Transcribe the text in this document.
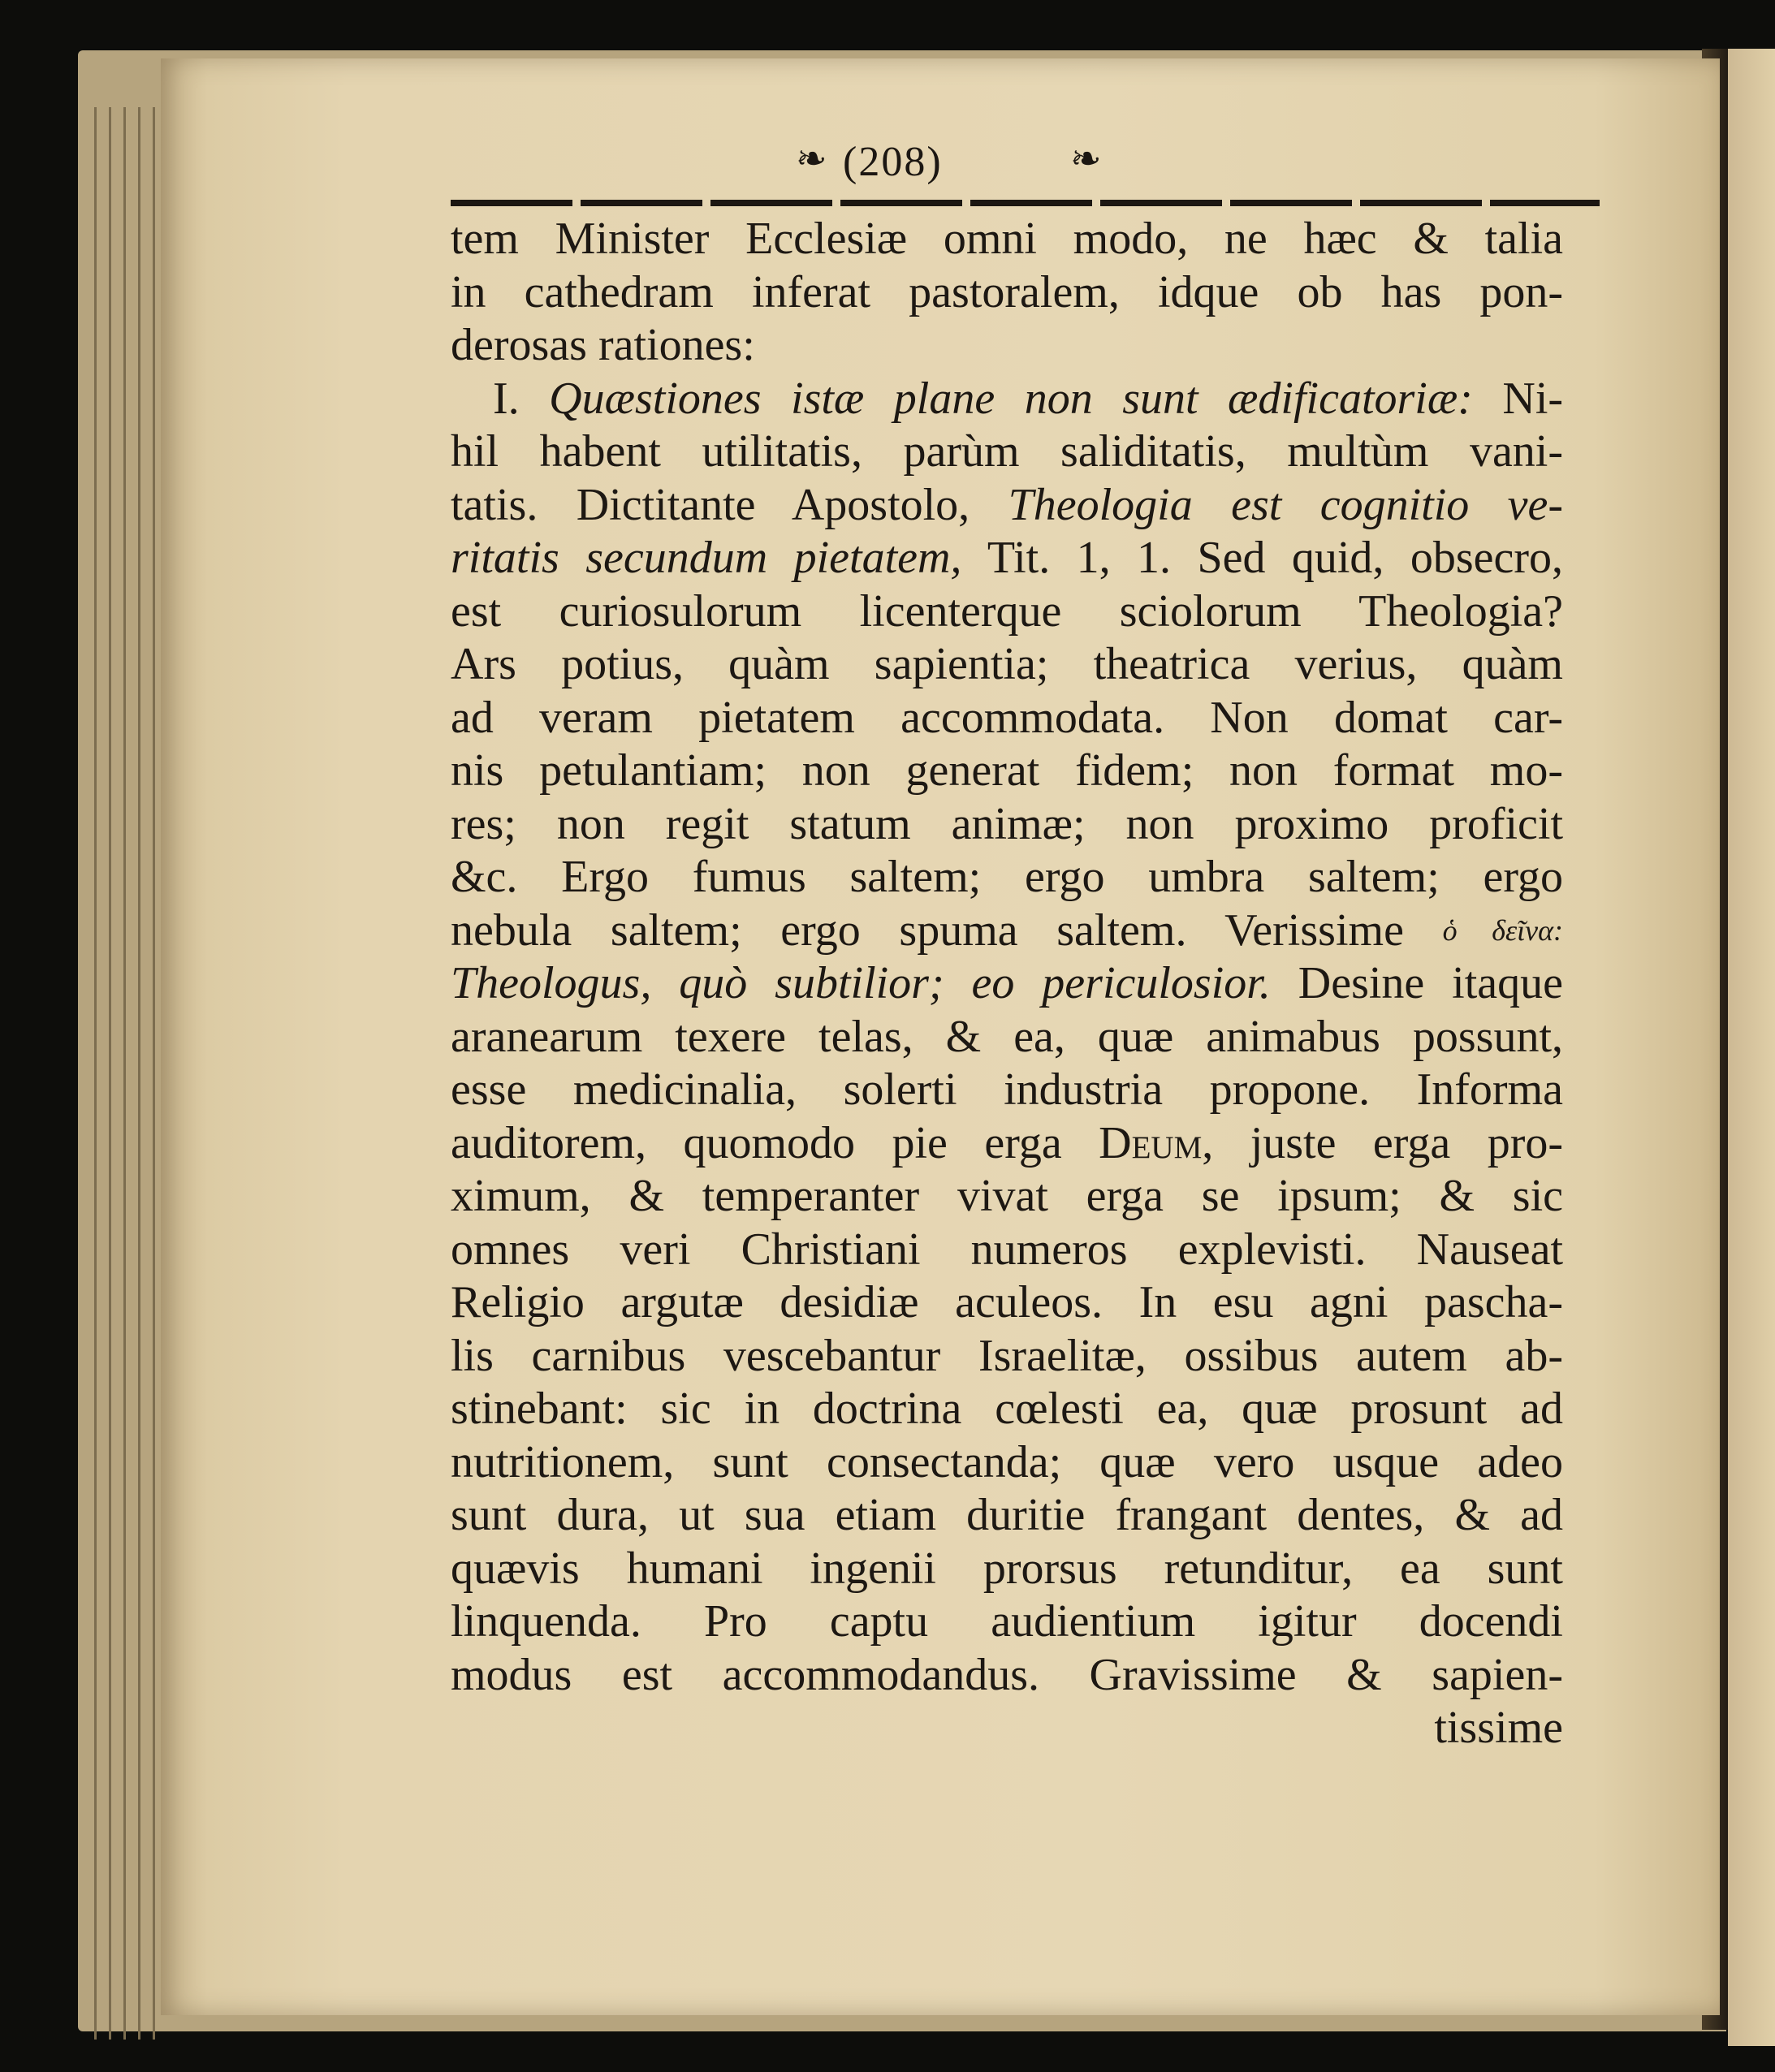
❧ (208)	❧
tem Minister Ecclesiæ omni modo, ne hæc & talia
in cathedram inferat pastoralem, idque ob has pon-
derosas rationes:
I. Quæstiones istæ plane non sunt ædificatoriæ: Ni-
hil habent utilitatis, parùm saliditatis, multùm vani-
tatis. Dictitante Apostolo, Theologia est cognitio ve-
ritatis secundum pietatem, Tit. 1, 1. Sed quid, obsecro,
est curiosulorum licenterque sciolorum Theologia?
Ars potius, quàm sapientia; theatrica verius, quàm
ad veram pietatem accommodata. Non domat car-
nis petulantiam; non generat fidem; non format mo-
res; non regit statum animæ; non proximo proficit
&c. Ergo fumus saltem; ergo umbra saltem; ergo
nebula saltem; ergo spuma saltem. Verissime ὁ δεῖνα:
Theologus, quò subtilior; eo periculosior. Desine itaque
aranearum texere telas, & ea, quæ animabus possunt,
esse medicinalia, solerti industria propone. Informa
auditorem, quomodo pie erga Deum, juste erga pro-
ximum, & temperanter vivat erga se ipsum; & sic
omnes veri Christiani numeros explevisti. Nauseat
Religio argutæ desidiæ aculeos. In esu agni pascha-
lis carnibus vescebantur Israelitæ, ossibus autem ab-
stinebant: sic in doctrina cœlesti ea, quæ prosunt ad
nutritionem, sunt consectanda; quæ vero usque adeo
sunt dura, ut sua etiam duritie frangant dentes, & ad
quævis humani ingenii prorsus retunditur, ea sunt
linquenda. Pro captu audientium igitur docendi
modus est accommodandus. Gravissime & sapien-
tissime
